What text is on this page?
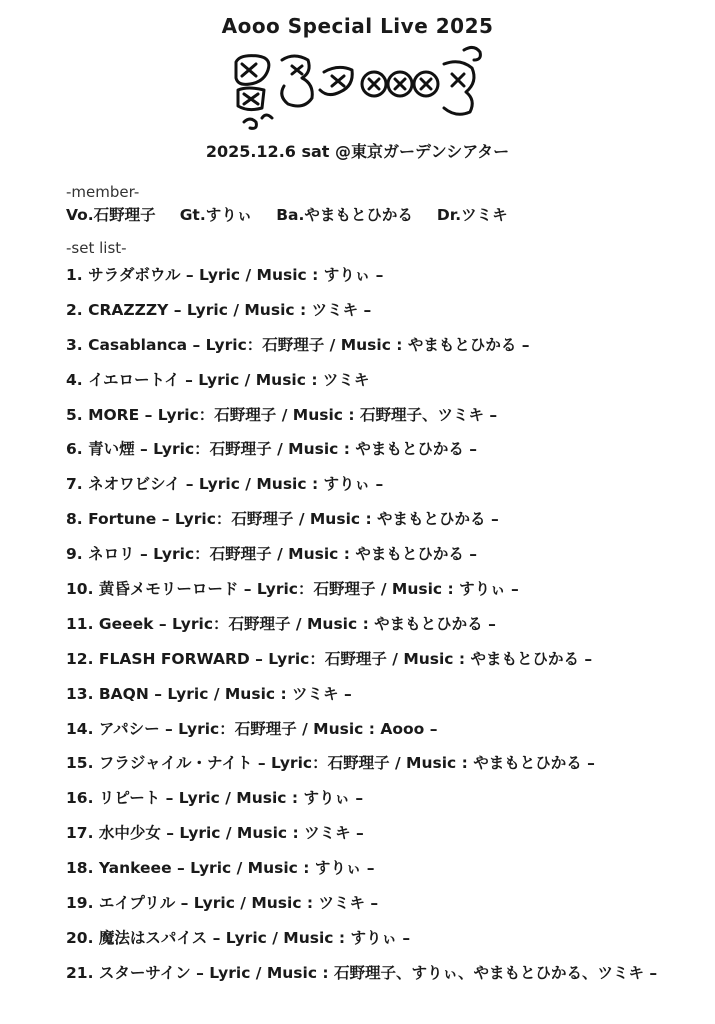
Aooo Special Live 2025
2025.12.6 sat @東京ガーデンシアター
-member-
Vo.石野理子 Gt.すりぃ Ba.やまもとひかる Dr.ツミキ
-set list-
1. サラダボウル – Lyric / Music : すりぃ –
2. CRAZZZY – Lyric / Music : ツミキ –
3. Casablanca – Lyric：石野理子 / Music : やまもとひかる –
4. イエロートイ – Lyric / Music : ツミキ
5. MORE – Lyric：石野理子 / Music : 石野理子、ツミキ –
6. 青い煙 – Lyric：石野理子 / Music : やまもとひかる –
7. ネオワビシイ – Lyric / Music : すりぃ –
8. Fortune – Lyric：石野理子 / Music : やまもとひかる –
9. ネロリ – Lyric：石野理子 / Music : やまもとひかる –
10. 黄昏メモリーロード – Lyric：石野理子 / Music : すりぃ –
11. Geeek – Lyric：石野理子 / Music : やまもとひかる –
12. FLASH FORWARD – Lyric：石野理子 / Music : やまもとひかる –
13. BAQN – Lyric / Music : ツミキ –
14. アパシー – Lyric：石野理子 / Music : Aooo –
15. フラジャイル・ナイト – Lyric：石野理子 / Music : やまもとひかる –
16. リピート – Lyric / Music : すりぃ –
17. 水中少女 – Lyric / Music : ツミキ –
18. Yankeee – Lyric / Music : すりぃ –
19. エイプリル – Lyric / Music : ツミキ –
20. 魔法はスパイス – Lyric / Music : すりぃ –
21. スターサイン – Lyric / Music : 石野理子、すりぃ、やまもとひかる、ツミキ –
